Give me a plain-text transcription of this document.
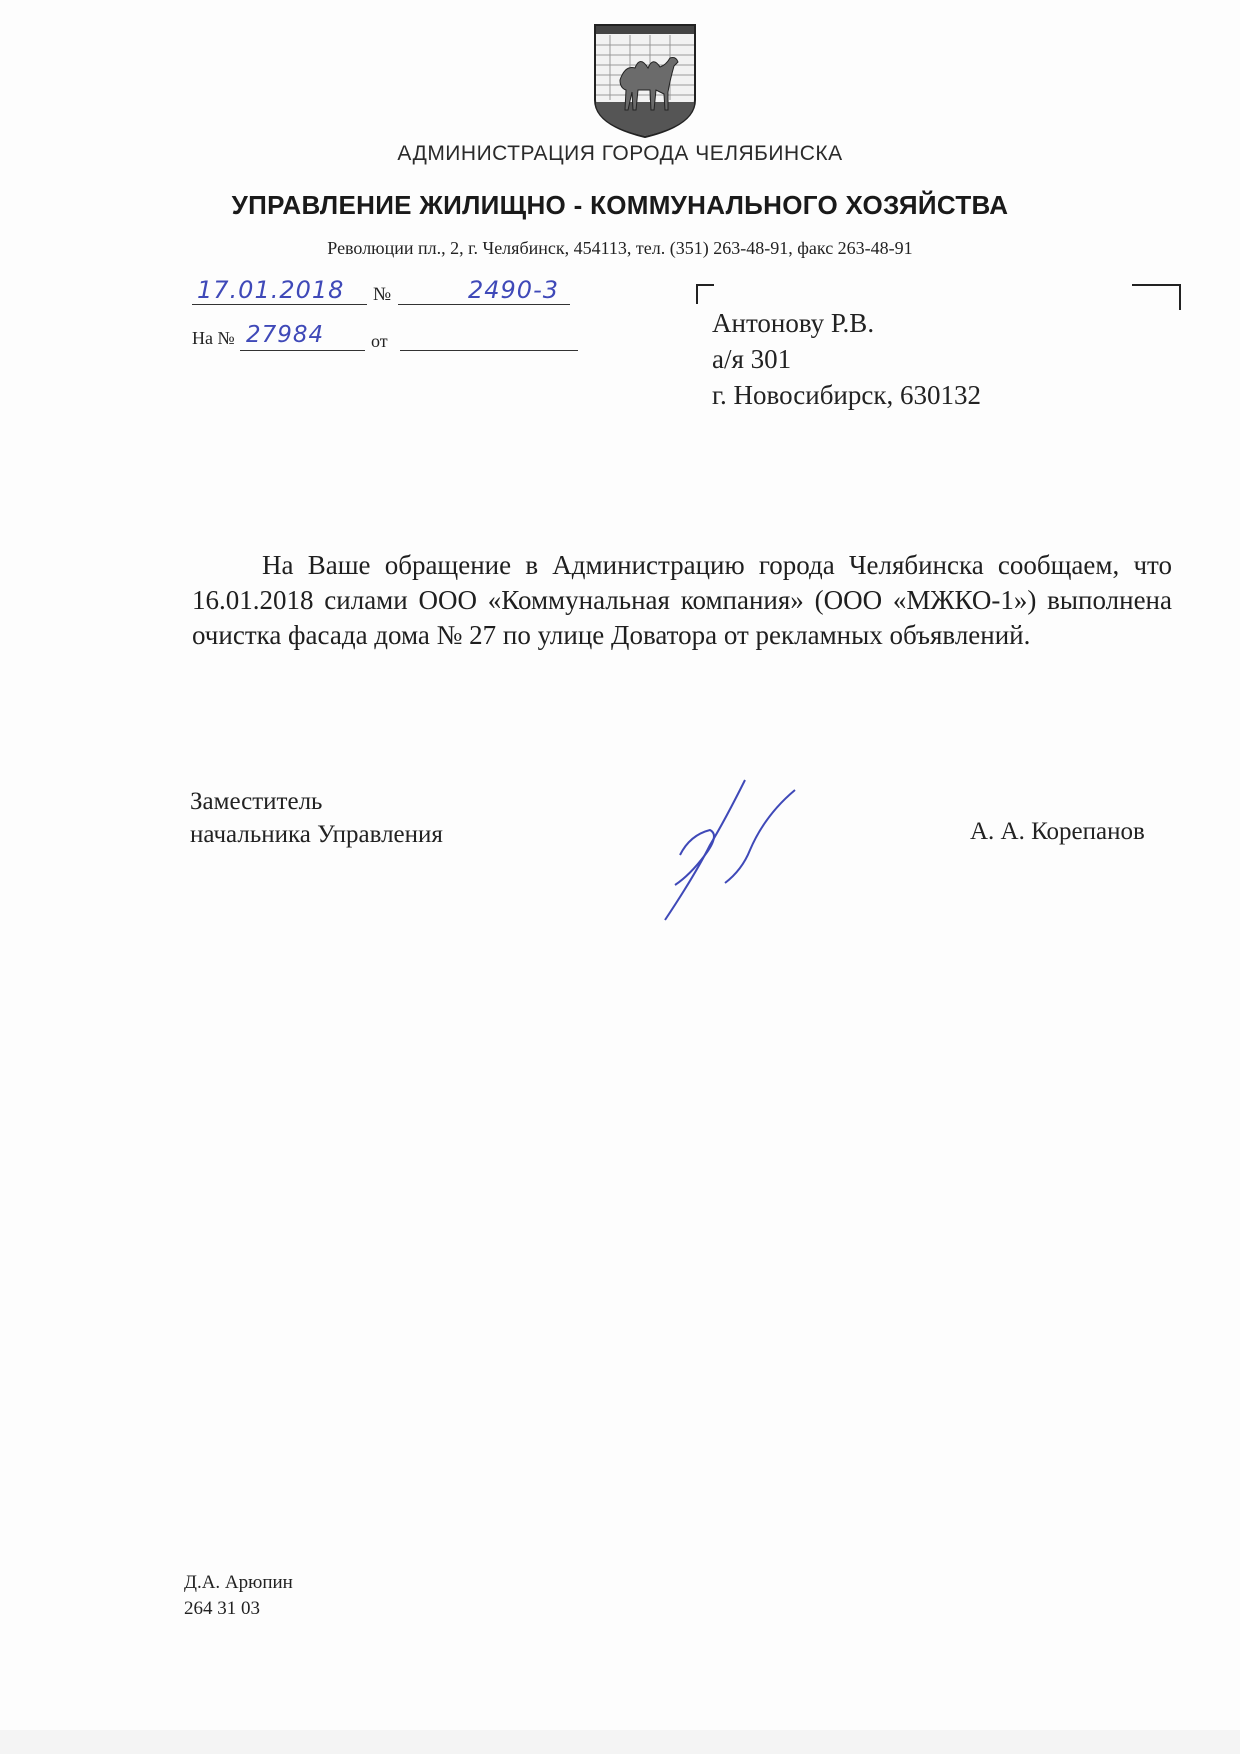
АДМИНИСТРАЦИЯ ГОРОДА ЧЕЛЯБИНСКА
УПРАВЛЕНИЕ ЖИЛИЩНО - КОММУНАЛЬНОГО ХОЗЯЙСТВА
Революции пл., 2, г. Челябинск, 454113, тел. (351) 263-48-91, факс 263-48-91
17.01.2018 №	2490-3
На № 27984	от
Антонову Р.В.
а/я 301
г. Новосибирск, 630132
На Ваше обращение в Администрацию города Челябинска сообщаем, что 16.01.2018 силами ООО «Коммунальная компания» (ООО «МЖКО-1») выполнена очистка фасада дома № 27 по улице Доватора от рекламных объявлений.
Заместитель
начальника Управления	А. А. Корепанов
Д.А. Арюпин
264 31 03
